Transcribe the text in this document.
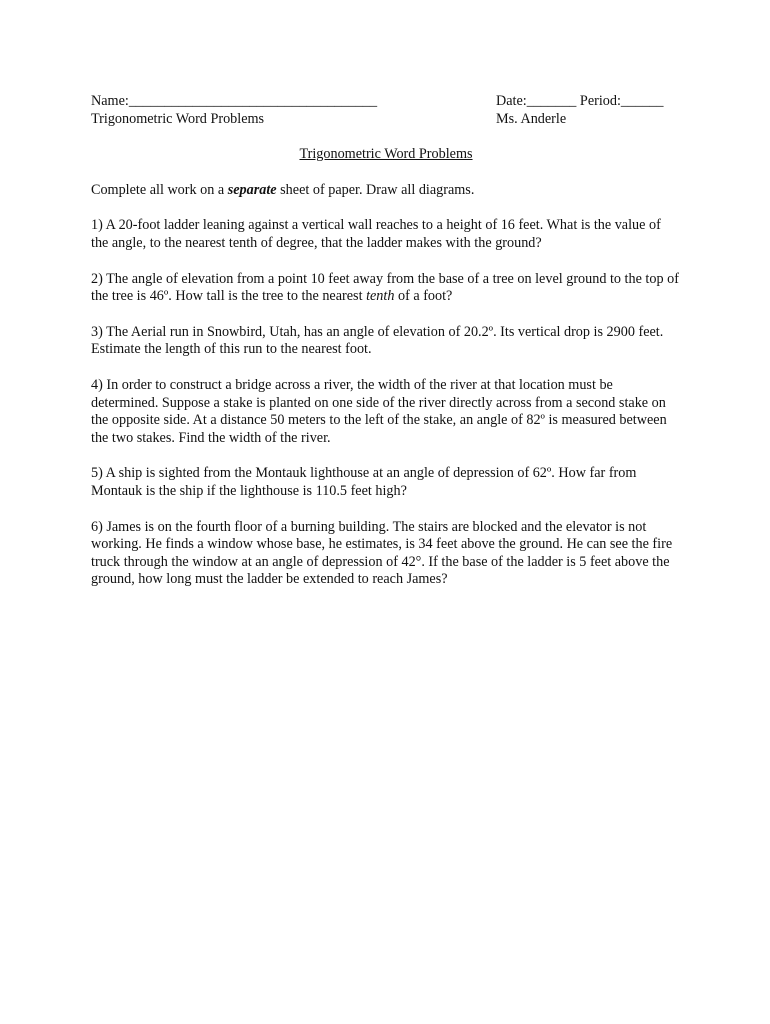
Name:___________________________________	Date:_______ Period:______
Trigonometric Word Problems	Ms. Anderle
Trigonometric Word Problems

Complete all work on a separate sheet of paper. Draw all diagrams.

1) A 20-foot ladder leaning against a vertical wall reaches to a height of 16 feet. What is the value of the angle, to the nearest tenth of degree, that the ladder makes with the ground?

2) The angle of elevation from a point 10 feet away from the base of a tree on level ground to the top of the tree is 46º. How tall is the tree to the nearest tenth of a foot?

3) The Aerial run in Snowbird, Utah, has an angle of elevation of 20.2º. Its vertical drop is 2900 feet. Estimate the length of this run to the nearest foot.

4) In order to construct a bridge across a river, the width of the river at that location must be determined. Suppose a stake is planted on one side of the river directly across from a second stake on the opposite side. At a distance 50 meters to the left of the stake, an angle of 82º is measured between the two stakes. Find the width of the river.

5) A ship is sighted from the Montauk lighthouse at an angle of depression of 62º. How far from Montauk is the ship if the lighthouse is 110.5 feet high?

6) James is on the fourth floor of a burning building. The stairs are blocked and the elevator is not working. He finds a window whose base, he estimates, is 34 feet above the ground. He can see the fire truck through the window at an angle of depression of 42°. If the base of the ladder is 5 feet above the ground, how long must the ladder be extended to reach James?
